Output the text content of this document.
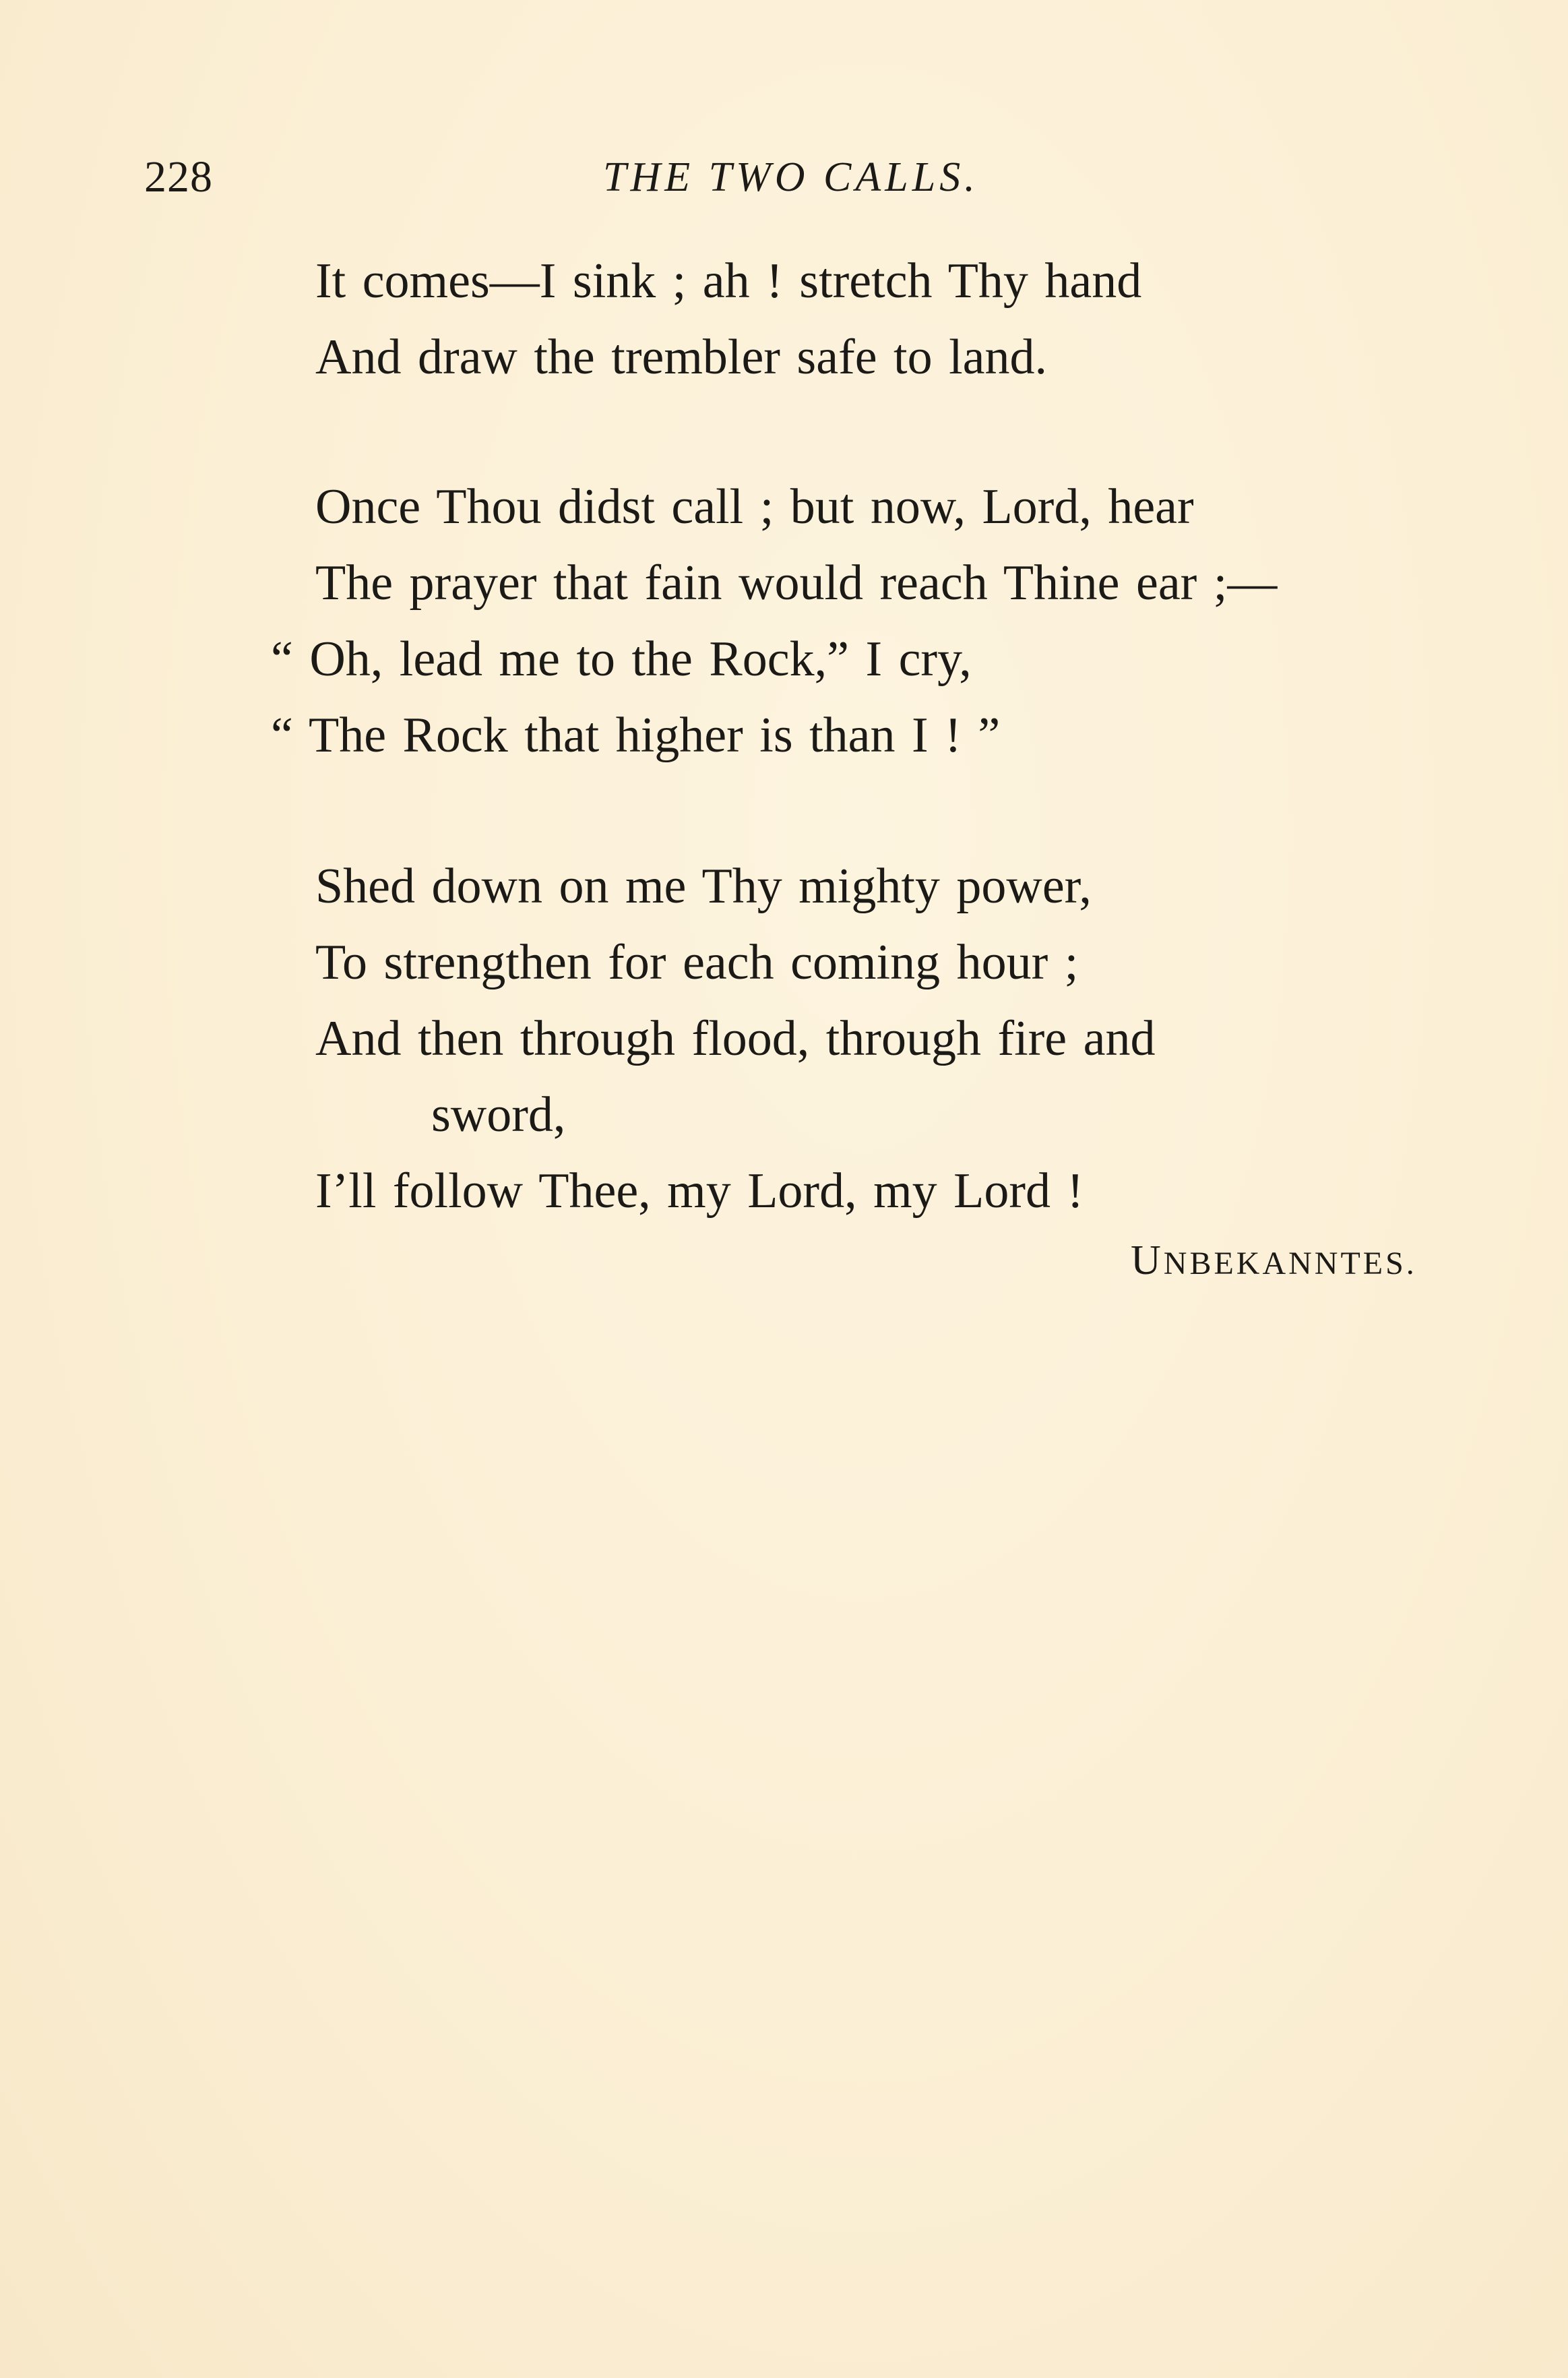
228	THE TWO CALLS.
It comes—I sink ; ah ! stretch Thy hand
And draw the trembler safe to land.
Once Thou didst call ; but now, Lord, hear
The prayer that fain would reach Thine ear ;—
“ Oh, lead me to the Rock,” I cry,
“ The Rock that higher is than I ! ”
Shed down on me Thy mighty power,
To strengthen for each coming hour ;
And then through flood, through fire and
sword,
I’ll follow Thee, my Lord, my Lord !
UNBEKANNTES.
